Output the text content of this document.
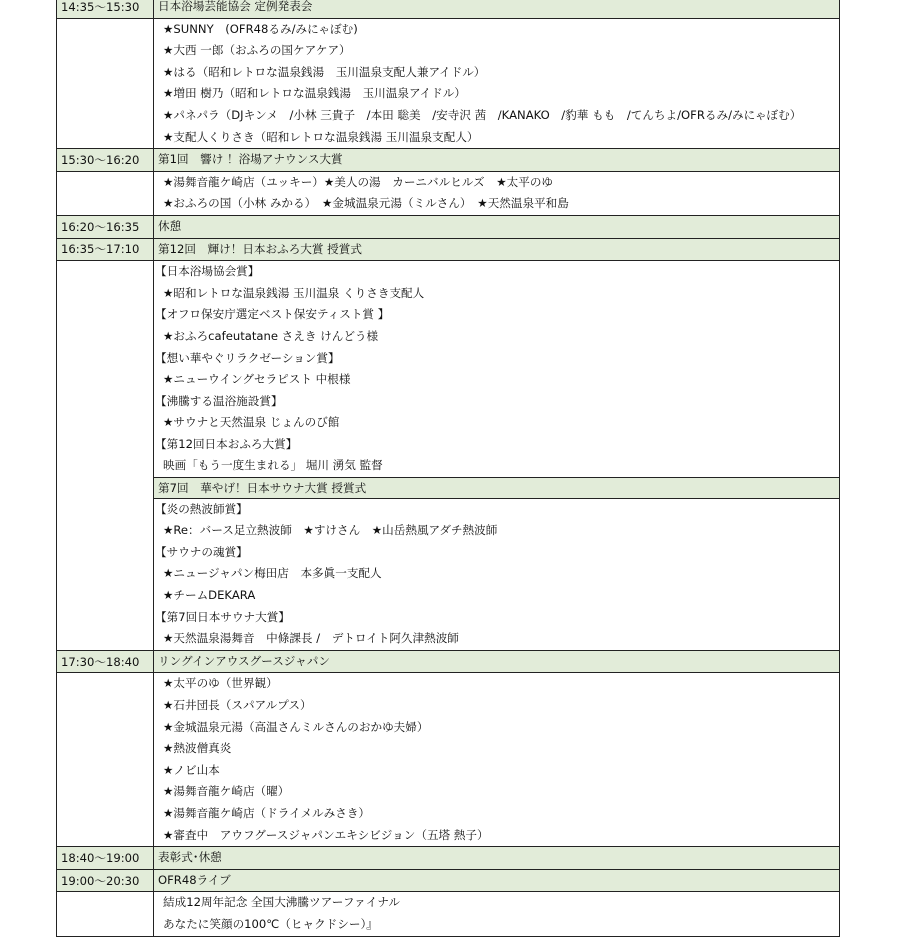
14:35～15:30	日本浴場芸能協会 定例発表会
★SUNNY　(OFR48るみ/みにゃぼむ)
★大西 一郎（おふろの国ケアケア）
★はる（昭和レトロな温泉銭湯　玉川温泉支配人兼アイドル）
★増田 樹乃（昭和レトロな温泉銭湯　玉川温泉アイドル）
★パネパラ（DJキンメ　/小林 三貴子　/本田 聡美　/安寺沢 茜　/KANAKO　/豹華 もも　/てんちよ/OFRるみ/みにゃぼむ）
★支配人くりさき（昭和レトロな温泉銭湯 玉川温泉支配人）
15:30～16:20	第1回　響け ！浴場アナウンス大賞
★湯舞音龍ケ崎店（ユッキー）★美人の湯　カーニバルヒルズ　★太平のゆ
★おふろの国（小林 みかる）　★金城温泉元湯（ミルさん）　★天然温泉平和島
16:20～16:35	休憩
16:35～17:10	第12回　輝け！日本おふろ大賞 授賞式
【日本浴場協会賞】
★昭和レトロな温泉銭湯 玉川温泉 くりさき支配人
【オフロ保安庁選定ベスト保安ティスト賞 】
★おふろcafeutatane さえき けんどう様
【想い華やぐリラクゼーション賞】
★ニューウイングセラピスト 中根様
【沸騰する温浴施設賞】
★サウナと天然温泉 じょんのび館
【第12回日本おふろ大賞】
映画「もう一度生まれる」 堀川 湧気 監督
第7回　華やげ！日本サウナ大賞 授賞式
【炎の熱波師賞】
★Re：バース足立熱波師　★すけさん　★山岳熱風アダチ熱波師
【サウナの魂賞】
★ニュージャパン梅田店　本多眞一支配人
★チームDEKARA
【第7回日本サウナ大賞】
★天然温泉湯舞音　中條課長 /　デトロイト阿久津熱波師
17:30～18:40	リングインアウスグースジャパン
★太平のゆ（世界観）
★石井団長（スパアルプス）
★金城温泉元湯（高温さんミルさんのおかゆ夫婦）
★熱波僧真炎
★ノビ山本
★湯舞音龍ケ崎店（曜）
★湯舞音龍ケ崎店（ドライメルみさき）
★審査中　アウフグースジャパンエキシビジョン（五塔 熱子）
18:40～19:00	表彰式･休憩
19:00～20:30	OFR48ライブ
結成12周年記念 全国大沸騰ツアーファイナル
あなたに笑顔の100℃（ヒャクドシー）』
